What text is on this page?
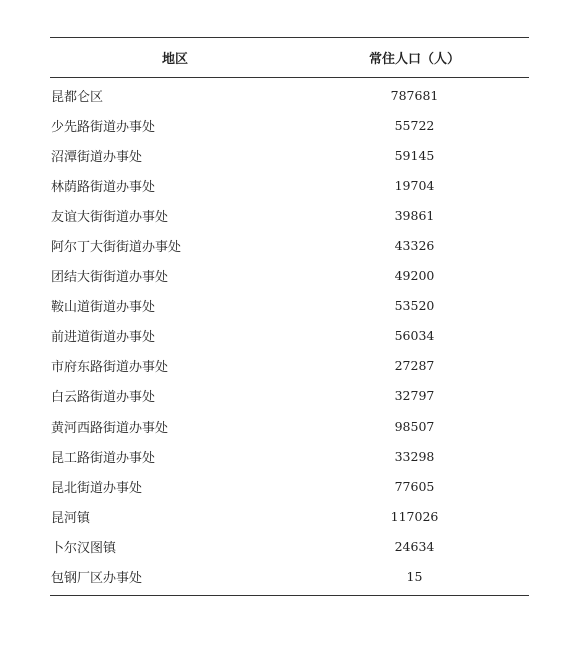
地区	常住人口（人）
昆都仑区	787681
少先路街道办事处	55722
沼潭街道办事处	59145
林荫路街道办事处	19704
友谊大街街道办事处	39861
阿尔丁大街街道办事处	43326
团结大街街道办事处	49200
鞍山道街道办事处	53520
前进道街道办事处	56034
市府东路街道办事处	27287
白云路街道办事处	32797
黄河西路街道办事处	98507
昆工路街道办事处	33298
昆北街道办事处	77605
昆河镇	117026
卜尔汉图镇	24634
包钢厂区办事处	15
